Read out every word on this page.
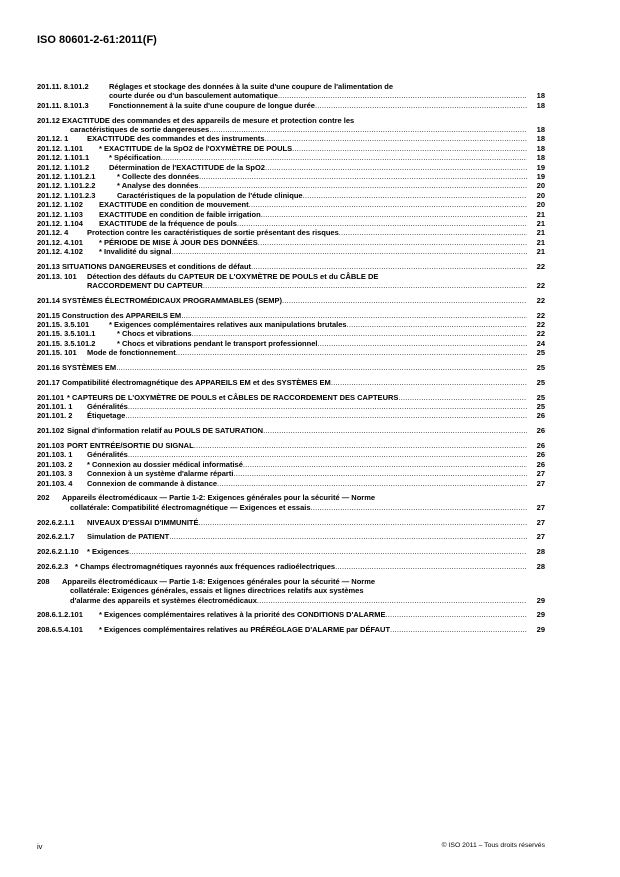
ISO 80601-2-61:2011(F)
201.11. 8.101.2	Réglages et stockage des données à la suite d'une coupure de l'alimentation de
courte durée ou d'un basculement automatique .....	18
201.11. 8.101.3	Fonctionnement à la suite d'une coupure de longue durée .....	18
201.12 EXACTITUDE des commandes et des appareils de mesure et protection contre les
caractéristiques de sortie dangereuses .....	18
201.12. 1 EXACTITUDE des commandes et des instruments .....	18
201.12. 1.101 * EXACTITUDE de la SpO2 de l'OXYMÈTRE DE POULS .....	18
201.12. 1.101.1	* Spécification .....	18
201.12. 1.101.2	Détermination de l'EXACTITUDE de la SpO2 .....	19
201.12. 1.101.2.1	* Collecte des données .....	19
201.12. 1.101.2.2	* Analyse des données .....	20
201.12. 1.101.2.3	Caractéristiques de la population de l'étude clinique .....	20
201.12. 1.102 EXACTITUDE en condition de mouvement .....	20
201.12. 1.103 EXACTITUDE en condition de faible irrigation .....	21
201.12. 1.104 EXACTITUDE de la fréquence de pouls .....	21
201.12. 4 Protection contre les caractéristiques de sortie présentant des risques .....	21
201.12. 4.101 * PÉRIODE DE MISE À JOUR DES DONNÉES .....	21
201.12. 4.102 * Invalidité du signal .....	21
201.13 SITUATIONS DANGEREUSES et conditions de défaut .....	22
201.13. 101 Détection des défauts du CAPTEUR DE L'OXYMÈTRE DE POULS et du CÂBLE DE
RACCORDEMENT DU CAPTEUR .....	22
201.14 SYSTÈMES ÉLECTROMÉDICAUX PROGRAMMABLES (SEMP) .....	22
201.15 Construction des APPAREILS EM .....	22
201.15. 3.5.101	* Exigences complémentaires relatives aux manipulations brutales .....	22
201.15. 3.5.101.1	* Chocs et vibrations .....	22
201.15. 3.5.101.2	* Chocs et vibrations pendant le transport professionnel .....	24
201.15. 101 Mode de fonctionnement .....	25
201.16 SYSTÈMES EM .....	25
201.17 Compatibilité électromagnétique des APPAREILS EM et des SYSTÈMES EM .....	25
201.101 * CAPTEURS DE L'OXYMÈTRE DE POULS et CÂBLES DE RACCORDEMENT DES CAPTEURS .....	25
201.101. 1 Généralités .....	25
201.101. 2 Étiquetage .....	26
201.102 Signal d'information relatif au POULS DE SATURATION .....	26
201.103 PORT ENTRÉE/SORTIE DU SIGNAL .....	26
201.103. 1 Généralités .....	26
201.103. 2 * Connexion au dossier médical informatisé .....	26
201.103. 3 Connexion à un système d'alarme réparti .....	27
201.103. 4 Connexion de commande à distance .....	27
202 Appareils électromédicaux — Partie 1-2: Exigences générales pour la sécurité — Norme
collatérale: Compatibilité électromagnétique — Exigences et essais .....	27
202.6.2.1.1 NIVEAUX D'ESSAI D'IMMUNITÉ .....	27
202.6.2.1.7 Simulation de PATIENT .....	27
202.6.2.1.10 * Exigences .....	28
202.6.2.3 * Champs électromagnétiques rayonnés aux fréquences radioélectriques .....	28
208 Appareils électromédicaux — Partie 1-8: Exigences générales pour la sécurité — Norme
collatérale: Exigences générales, essais et lignes directrices relatifs aux systèmes
d'alarme des appareils et systèmes électromédicaux .....	29
208.6.1.2.101 * Exigences complémentaires relatives à la priorité des CONDITIONS D'ALARME .....	29
208.6.5.4.101 * Exigences complémentaires relatives au PRÉRÉGLAGE D'ALARME par DÉFAUT .....	29
iv	© ISO 2011 – Tous droits réservés
